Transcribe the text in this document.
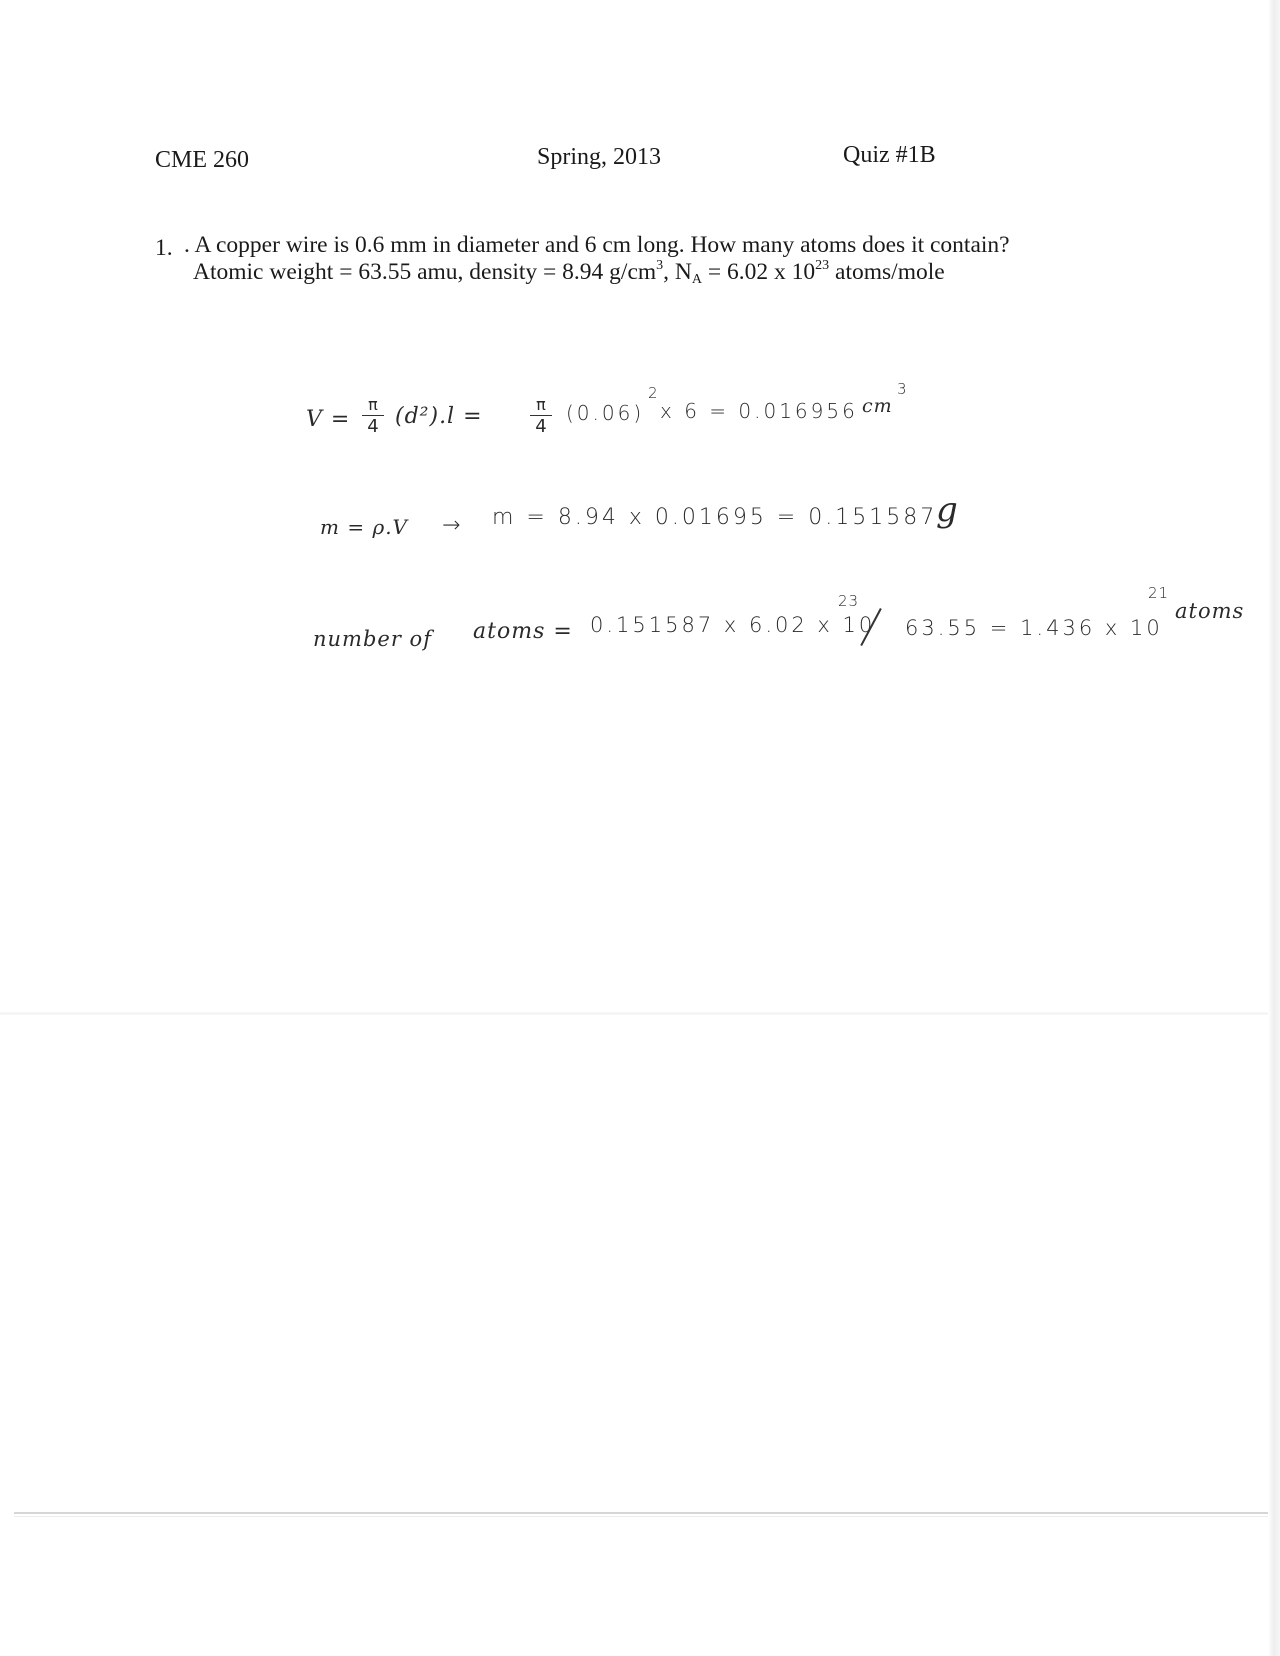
CME 260	Spring, 2013	Quiz #1B
1. . A copper wire is 0.6 mm in diameter and 6 cm long. How many atoms does it contain?
Atomic weight = 63.55 amu, density = 8.94 $g/cm^3$, $N_A = 6.02$ x $10^{23}$ atoms/mole
V =
π
4 (d²).l =	π
4
(0.06)
2
x 6 = 0.016956 cm
3
m = ρ.V → m = 8.94 x 0.01695 = 0.151587
g
number of atoms = 0.151587 x 6.02 x 10
23
63.55 = 1.436 x 10
21
atoms
